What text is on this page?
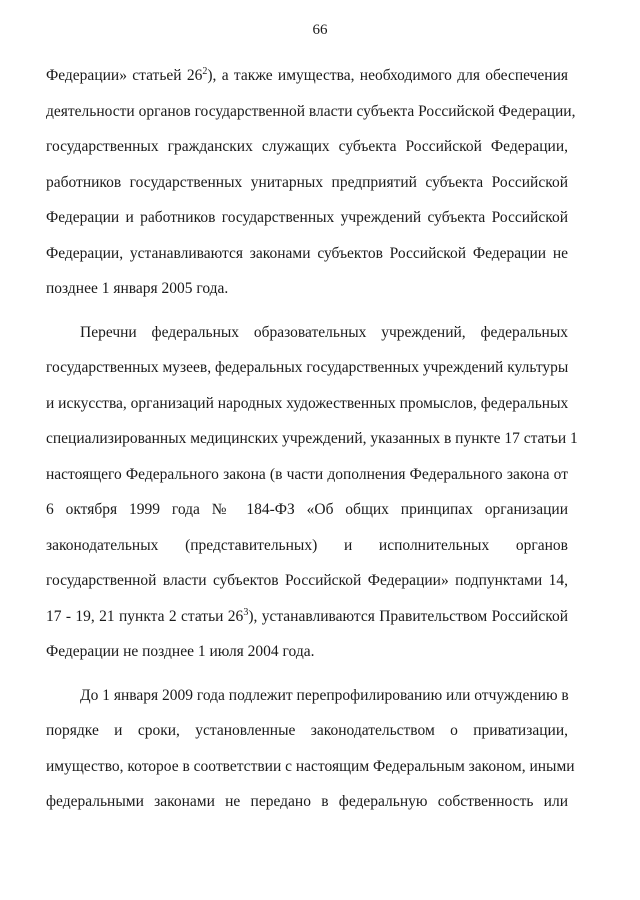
66
Федерации» статьей $26^2$), а также имущества, необходимого для обеспечения
деятельности органов государственной власти субъекта Российской Федерации,
государственных гражданских служащих субъекта Российской Федерации,
работников государственных унитарных предприятий субъекта Российской
Федерации и работников государственных учреждений субъекта Российской
Федерации, устанавливаются законами субъектов Российской Федерации не
позднее 1 января 2005 года.
Перечни федеральных образовательных учреждений, федеральных
государственных музеев, федеральных государственных учреждений культуры
и искусства, организаций народных художественных промыслов, федеральных
специализированных медицинских учреждений, указанных в пункте 17 статьи 1
настоящего Федерального закона (в части дополнения Федерального закона от
6 октября 1999 года № 184-ФЗ «Об общих принципах организации
законодательных (представительных) и исполнительных органов
государственной власти субъектов Российской Федерации» подпунктами 14,
17 - 19, 21 пункта 2 статьи $26^3$), устанавливаются Правительством Российской
Федерации не позднее 1 июля 2004 года.
До 1 января 2009 года подлежит перепрофилированию или отчуждению в
порядке и сроки, установленные законодательством о приватизации,
имущество, которое в соответствии с настоящим Федеральным законом, иными
федеральными законами не передано в федеральную собственность или
